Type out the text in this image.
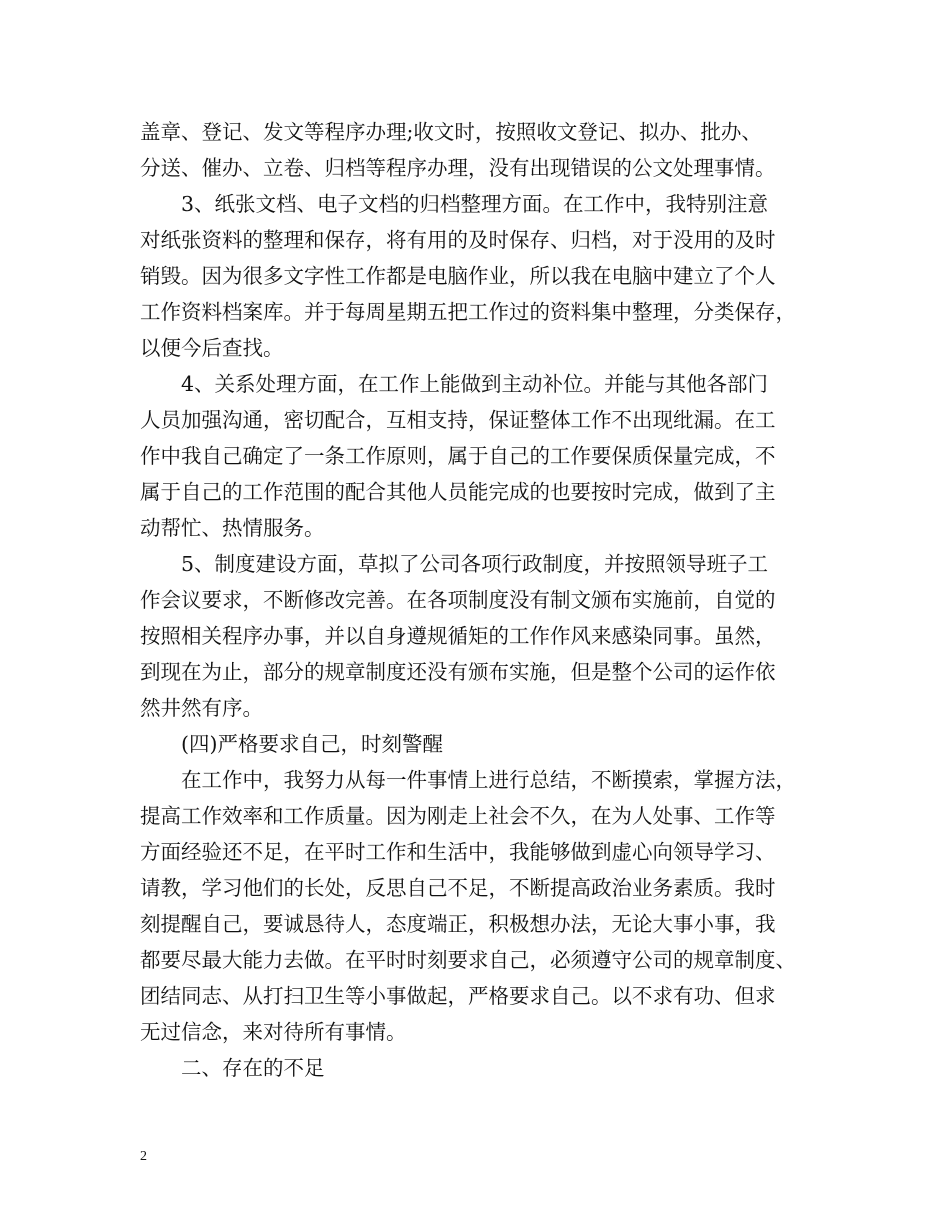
盖章、登记、发文等程序办理;收文时，按照收文登记、拟办、批办、
分送、催办、立卷、归档等程序办理，没有出现错误的公文处理事情。
3、纸张文档、电子文档的归档整理方面。在工作中，我特别注意
对纸张资料的整理和保存，将有用的及时保存、归档，对于没用的及时
销毁。因为很多文字性工作都是电脑作业，所以我在电脑中建立了个人
工作资料档案库。并于每周星期五把工作过的资料集中整理，分类保存，
以便今后查找。
4、关系处理方面，在工作上能做到主动补位。并能与其他各部门
人员加强沟通，密切配合，互相支持，保证整体工作不出现纰漏。在工
作中我自己确定了一条工作原则，属于自己的工作要保质保量完成，不
属于自己的工作范围的配合其他人员能完成的也要按时完成，做到了主
动帮忙、热情服务。
5、制度建设方面，草拟了公司各项行政制度，并按照领导班子工
作会议要求，不断修改完善。在各项制度没有制文颁布实施前，自觉的
按照相关程序办事，并以自身遵规循矩的工作作风来感染同事。虽然，
到现在为止，部分的规章制度还没有颁布实施，但是整个公司的运作依
然井然有序。
(四)严格要求自己，时刻警醒
在工作中，我努力从每一件事情上进行总结，不断摸索，掌握方法，
提高工作效率和工作质量。因为刚走上社会不久，在为人处事、工作等
方面经验还不足，在平时工作和生活中，我能够做到虚心向领导学习、
请教，学习他们的长处，反思自己不足，不断提高政治业务素质。我时
刻提醒自己，要诚恳待人，态度端正，积极想办法，无论大事小事，我
都要尽最大能力去做。在平时时刻要求自己，必须遵守公司的规章制度、
团结同志、从打扫卫生等小事做起，严格要求自己。以不求有功、但求
无过信念，来对待所有事情。
二、存在的不足
2
